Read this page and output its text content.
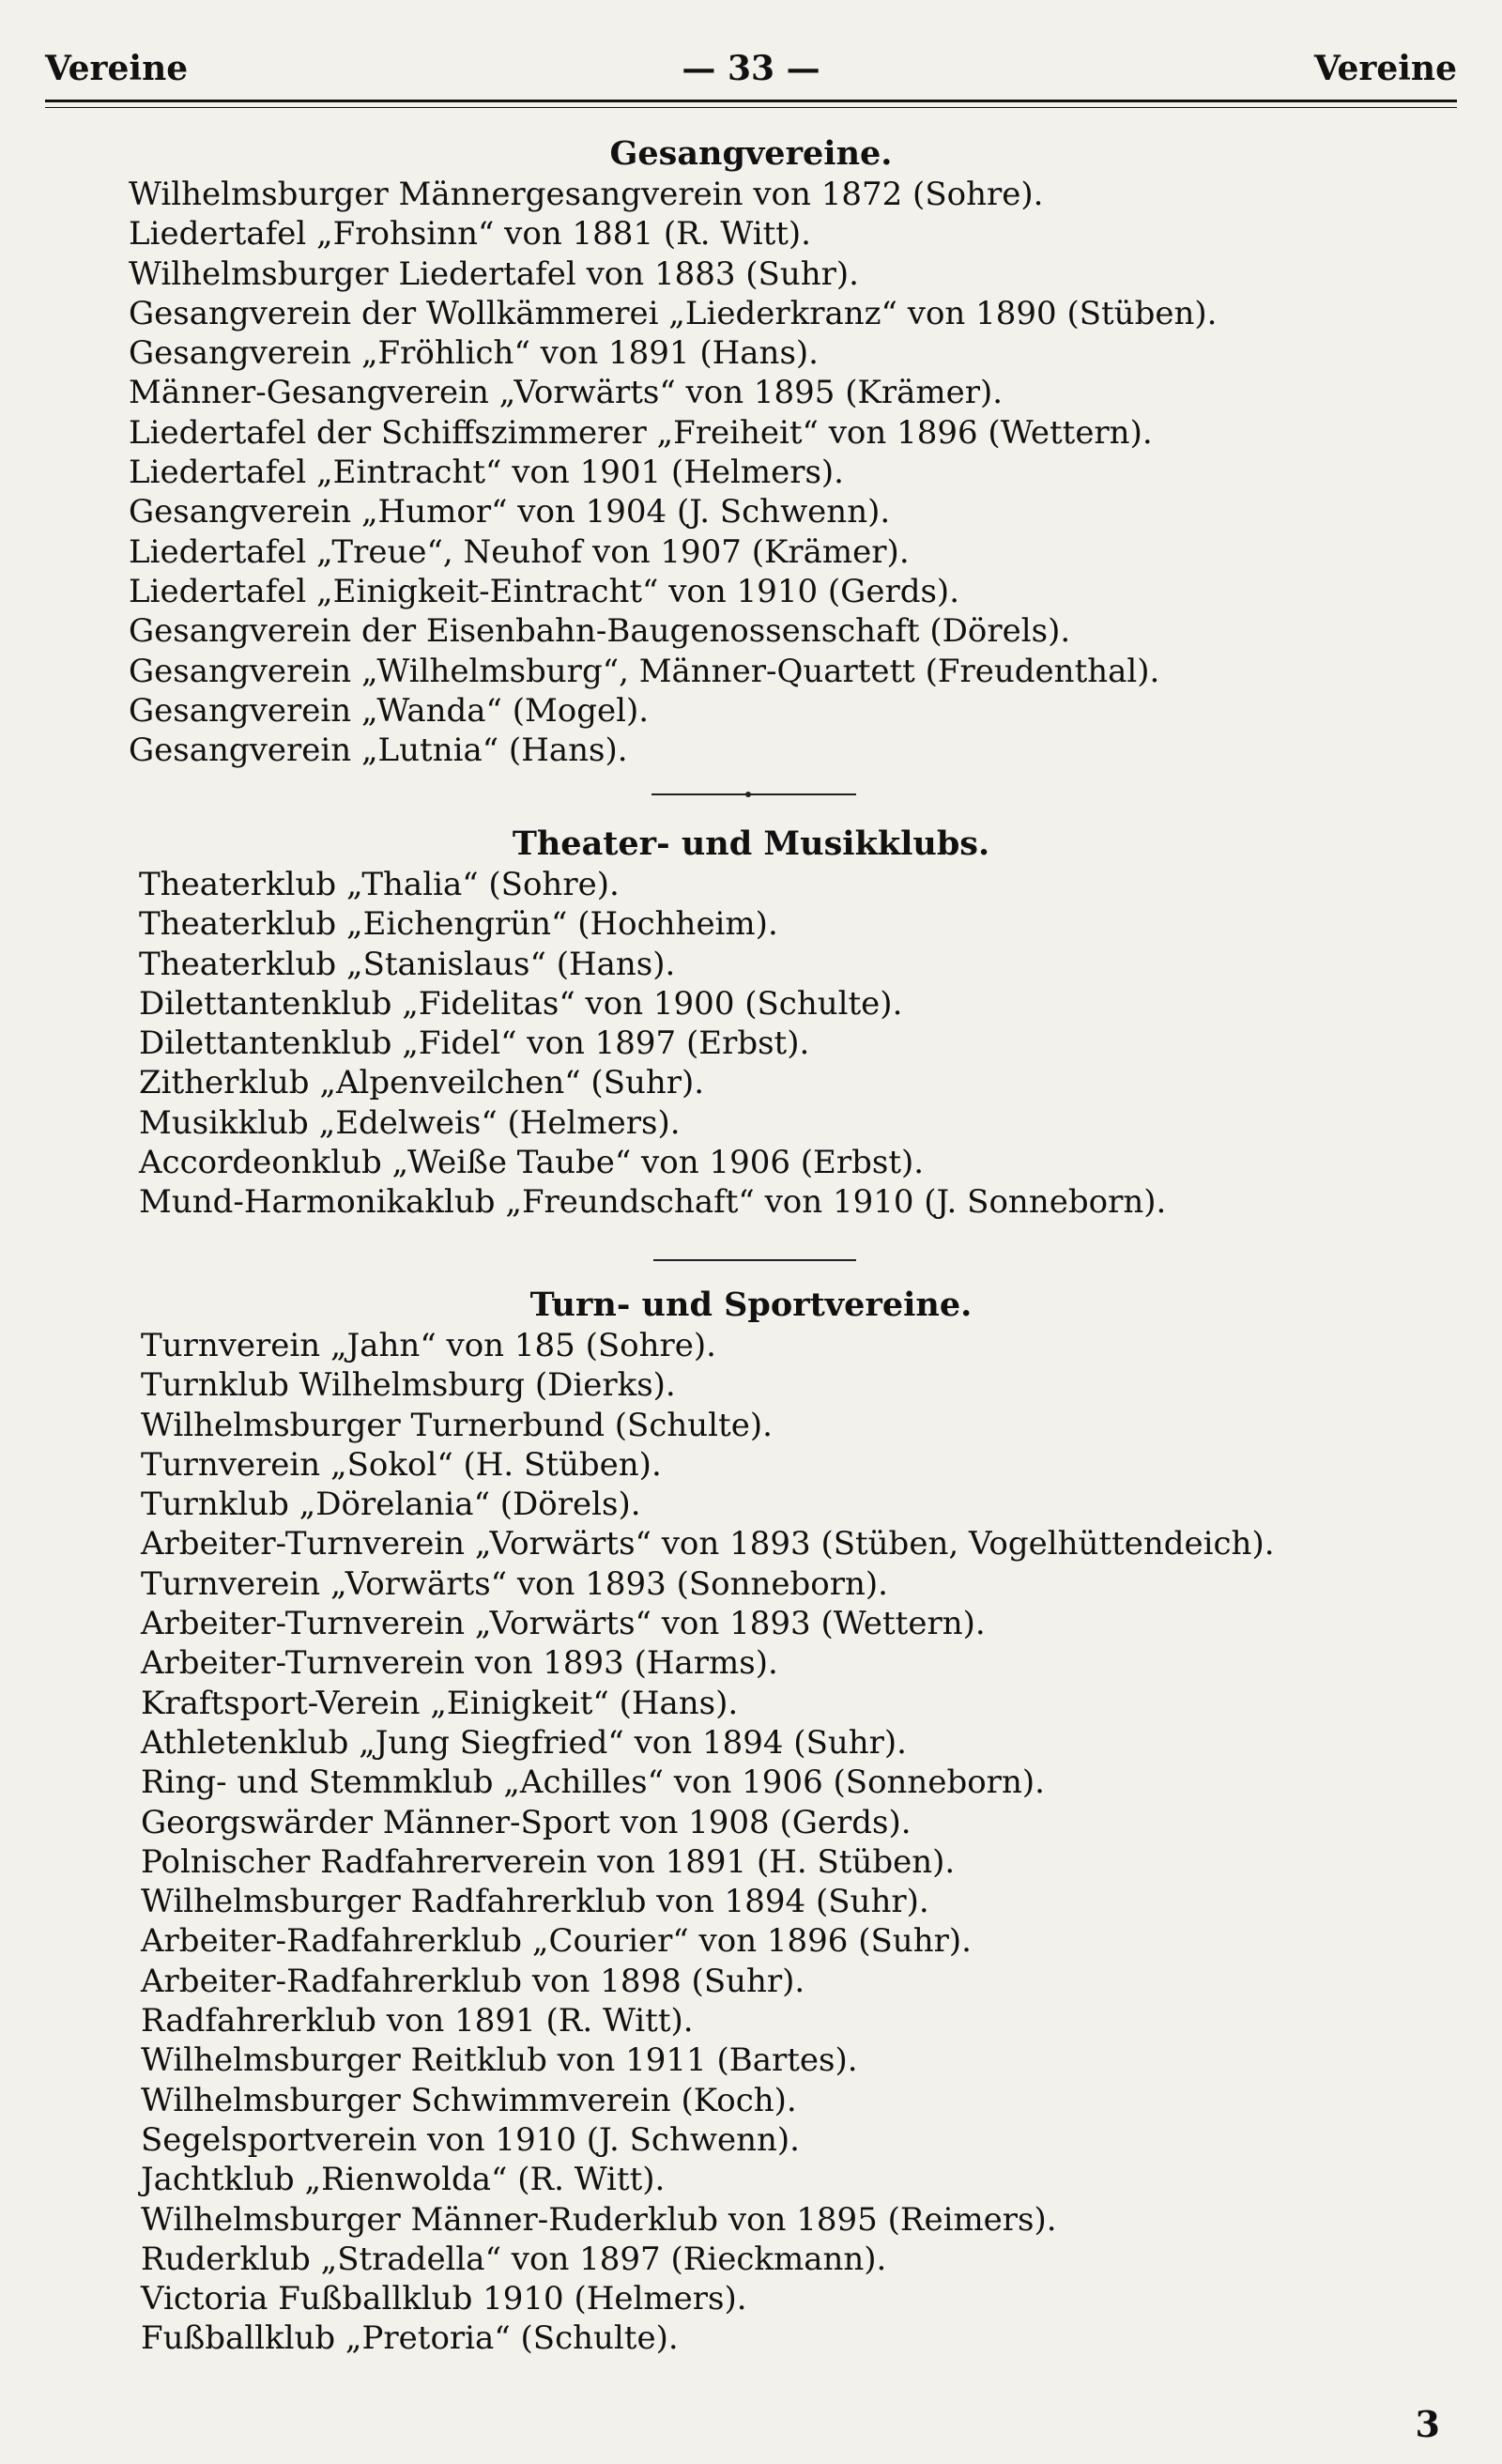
Vereine	— 33 —	Vereine
Gesangvereine.
Wilhelmsburger Männergesangverein von 1872 (Sohre).
Liedertafel „Frohsinn“ von 1881 (R. Witt).
Wilhelmsburger Liedertafel von 1883 (Suhr).
Gesangverein der Wollkämmerei „Liederkranz“ von 1890 (Stüben).
Gesangverein „Fröhlich“ von 1891 (Hans).
Männer-Gesangverein „Vorwärts“ von 1895 (Krämer).
Liedertafel der Schiffszimmerer „Freiheit“ von 1896 (Wettern).
Liedertafel „Eintracht“ von 1901 (Helmers).
Gesangverein „Humor“ von 1904 (J. Schwenn).
Liedertafel „Treue“, Neuhof von 1907 (Krämer).
Liedertafel „Einigkeit-Eintracht“ von 1910 (Gerds).
Gesangverein der Eisenbahn-Baugenossenschaft (Dörels).
Gesangverein „Wilhelmsburg“, Männer-Quartett (Freudenthal).
Gesangverein „Wanda“ (Mogel).
Gesangverein „Lutnia“ (Hans).
Theater- und Musikklubs.
Theaterklub „Thalia“ (Sohre).
Theaterklub „Eichengrün“ (Hochheim).
Theaterklub „Stanislaus“ (Hans).
Dilettantenklub „Fidelitas“ von 1900 (Schulte).
Dilettantenklub „Fidel“ von 1897 (Erbst).
Zitherklub „Alpenveilchen“ (Suhr).
Musikklub „Edelweis“ (Helmers).
Accordeonklub „Weiße Taube“ von 1906 (Erbst).
Mund-Harmonikaklub „Freundschaft“ von 1910 (J. Sonneborn).
Turn- und Sportvereine.
Turnverein „Jahn“ von 185 (Sohre).
Turnklub Wilhelmsburg (Dierks).
Wilhelmsburger Turnerbund (Schulte).
Turnverein „Sokol“ (H. Stüben).
Turnklub „Dörelania“ (Dörels).
Arbeiter-Turnverein „Vorwärts“ von 1893 (Stüben, Vogelhüttendeich).
Turnverein „Vorwärts“ von 1893 (Sonneborn).
Arbeiter-Turnverein „Vorwärts“ von 1893 (Wettern).
Arbeiter-Turnverein von 1893 (Harms).
Kraftsport-Verein „Einigkeit“ (Hans).
Athletenklub „Jung Siegfried“ von 1894 (Suhr).
Ring- und Stemmklub „Achilles“ von 1906 (Sonneborn).
Georgswärder Männer-Sport von 1908 (Gerds).
Polnischer Radfahrerverein von 1891 (H. Stüben).
Wilhelmsburger Radfahrerklub von 1894 (Suhr).
Arbeiter-Radfahrerklub „Courier“ von 1896 (Suhr).
Arbeiter-Radfahrerklub von 1898 (Suhr).
Radfahrerklub von 1891 (R. Witt).
Wilhelmsburger Reitklub von 1911 (Bartes).
Wilhelmsburger Schwimmverein (Koch).
Segelsportverein von 1910 (J. Schwenn).
Jachtklub „Rienwolda“ (R. Witt).
Wilhelmsburger Männer-Ruderklub von 1895 (Reimers).
Ruderklub „Stradella“ von 1897 (Rieckmann).
Victoria Fußballklub 1910 (Helmers).
Fußballklub „Pretoria“ (Schulte).
3
